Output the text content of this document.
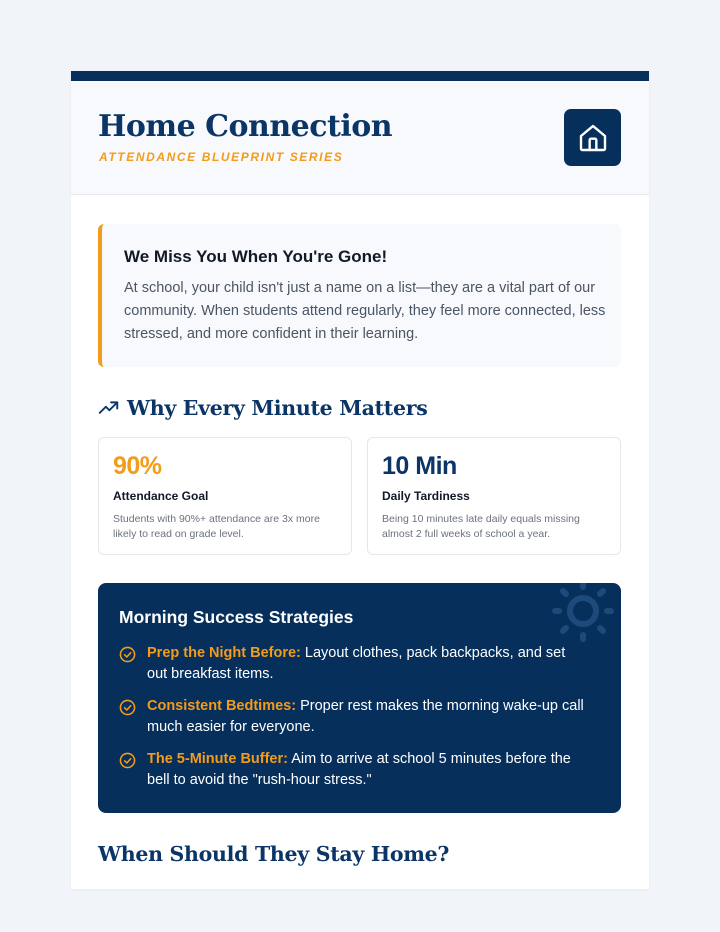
Home Connection
ATTENDANCE BLUEPRINT SERIES
We Miss You When You're Gone!
At school, your child isn't just a name on a list—they are a vital part of our community. When students attend regularly, they feel more connected, less stressed, and more confident in their learning.
Why Every Minute Matters
90%
Attendance Goal
Students with 90%+ attendance are 3x more likely to read on grade level.
10 Min
Daily Tardiness
Being 10 minutes late daily equals missing almost 2 full weeks of school a year.
Morning Success Strategies

Prep the Night Before: Layout clothes, pack backpacks, and set out breakfast items.

Consistent Bedtimes: Proper rest makes the morning wake-up call much easier for everyone.

The 5-Minute Buffer: Aim to arrive at school 5 minutes before the bell to avoid the "rush-hour stress."

When Should They Stay Home?
